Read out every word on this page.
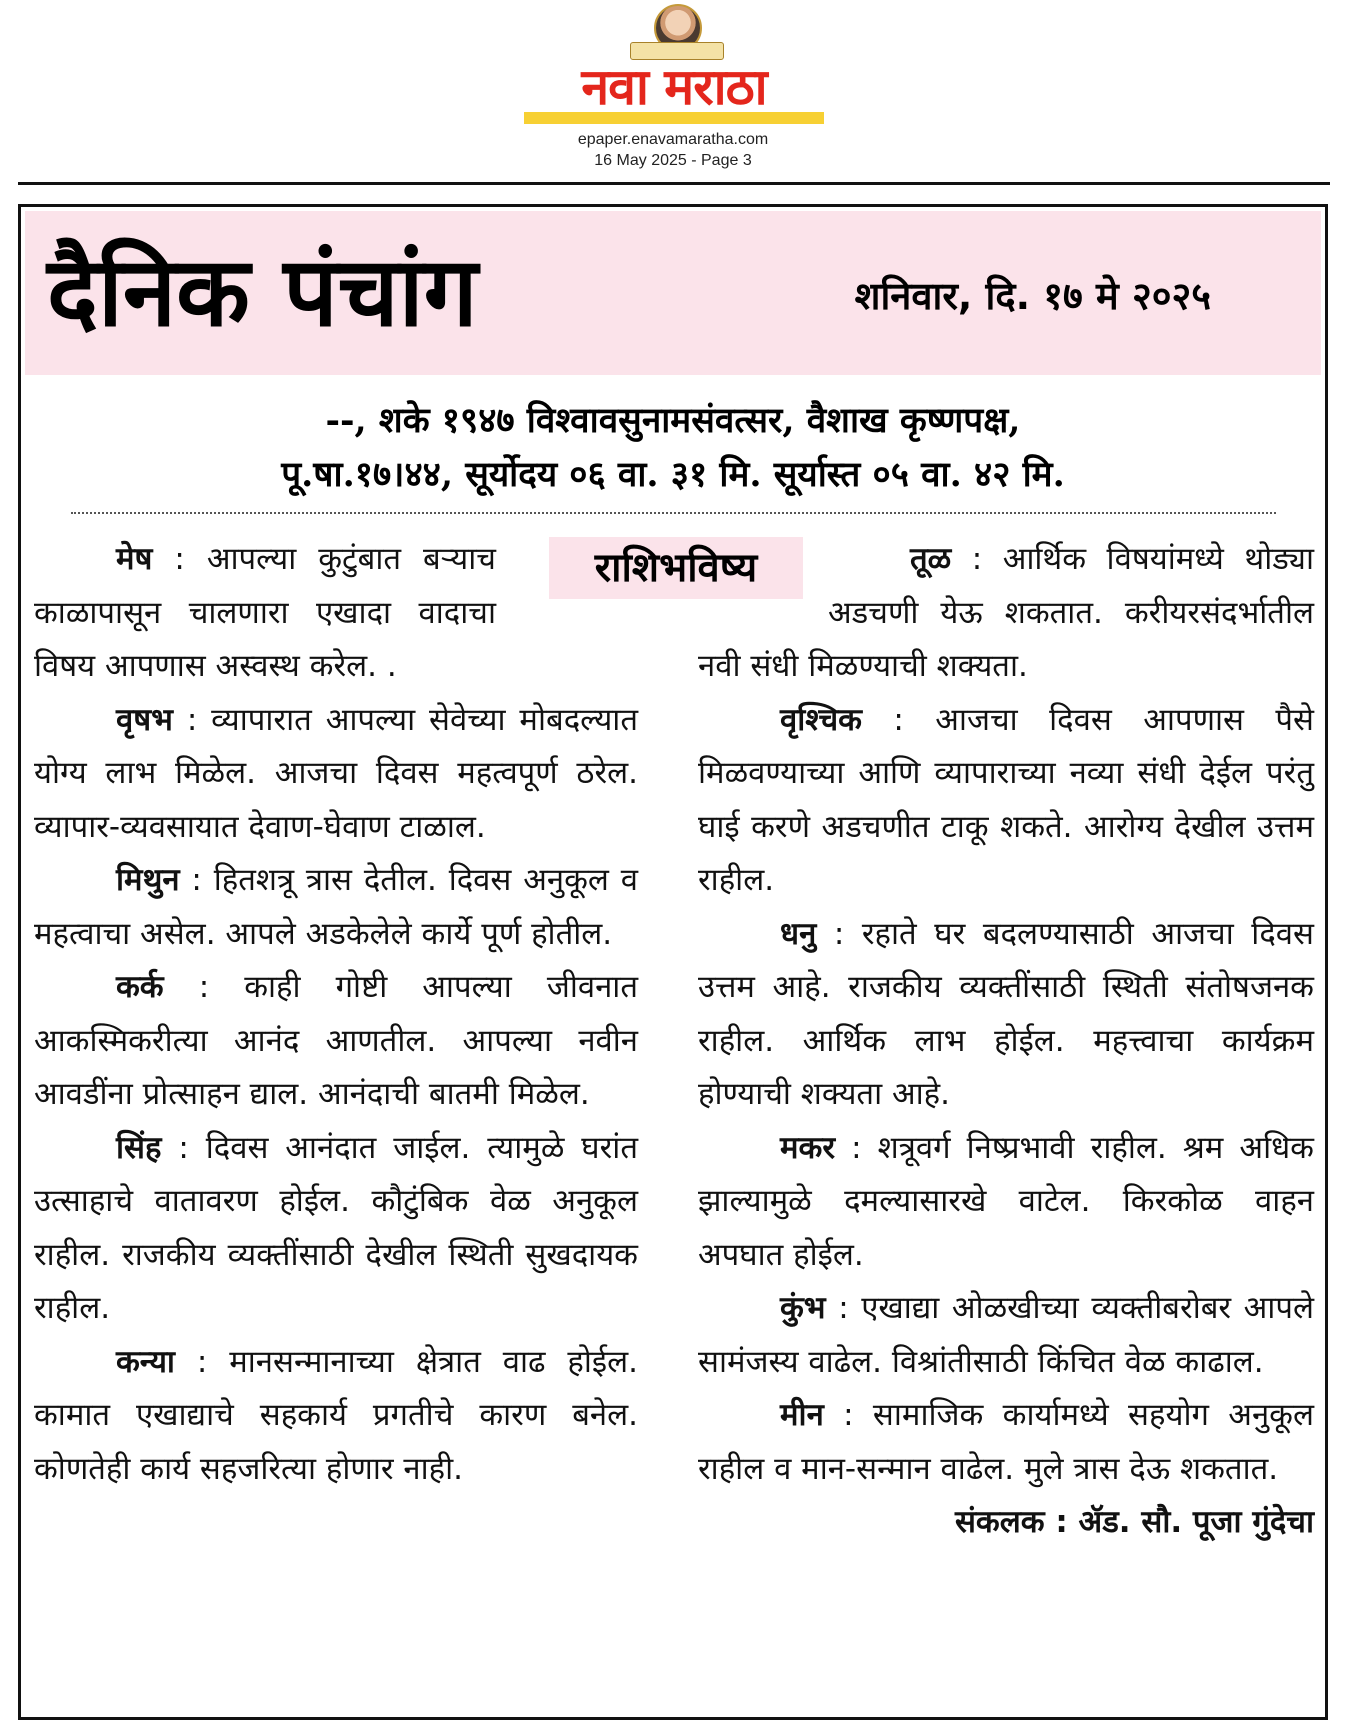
नवा मराठा
epaper.enavamaratha.com
16 May 2025 - Page 3
दैनिक पंचांग	शनिवार, दि. १७ मे २०२५
--, शके १९४७ विश्वावसुनामसंवत्सर, वैशाख कृष्णपक्ष,
पू.षा.१७।४४, सूर्योदय ०६ वा. ३१ मि. सूर्यास्त ०५ वा. ४२ मि.
राशिभविष्य

मेष : आपल्या कुटुंबात बऱ्याच काळापासून चालणारा एखादा वादाचा विषय आपणास अस्वस्थ करेल. .

वृषभ : व्यापारात आपल्या सेवेच्या मोबदल्यात योग्य लाभ मिळेल. आजचा दिवस महत्वपूर्ण ठरेल. व्यापार-व्यवसायात देवाण-घेवाण टाळाल.

मिथुन : हितशत्रू त्रास देतील. दिवस अनुकूल व महत्वाचा असेल. आपले अडकेलेले कार्ये पूर्ण होतील.

कर्क : काही गोष्टी आपल्या जीवनात आकस्मिकरीत्या आनंद आणतील. आपल्या नवीन आवडींना प्रोत्साहन द्याल. आनंदाची बातमी मिळेल.

सिंह : दिवस आनंदात जाईल. त्यामुळे घरांत उत्साहाचे वातावरण होईल. कौटुंबिक वेळ अनुकूल राहील. राजकीय व्यक्तींसाठी देखील स्थिती सुखदायक राहील.

कन्या : मानसन्मानाच्या क्षेत्रात वाढ होईल. कामात एखाद्याचे सहकार्य प्रगतीचे कारण बनेल. कोणतेही कार्य सहजरित्या होणार नाही.

तूळ : आर्थिक विषयांमध्ये थोड्या अडचणी येऊ शकतात. करीयरसंदर्भातील नवी संधी मिळण्याची शक्यता.

वृश्चिक : आजचा दिवस आपणास पैसे मिळवण्याच्या आणि व्यापाराच्या नव्या संधी देईल परंतु घाई करणे अडचणीत टाकू शकते. आरोग्य देखील उत्तम राहील.

धनु : रहाते घर बदलण्यासाठी आजचा दिवस उत्तम आहे. राजकीय व्यक्तींसाठी स्थिती संतोषजनक राहील. आर्थिक लाभ होईल. महत्त्वाचा कार्यक्रम होण्याची शक्यता आहे.

मकर : शत्रूवर्ग निष्प्रभावी राहील. श्रम अधिक झाल्यामुळे दमल्यासारखे वाटेल. किरकोळ वाहन अपघात होईल.

कुंभ : एखाद्या ओळखीच्या व्यक्तीबरोबर आपले सामंजस्य वाढेल. विश्रांतीसाठी किंचित वेळ काढाल.

मीन : सामाजिक कार्यामध्ये सहयोग अनुकूल राहील व मान-सन्मान वाढेल. मुले त्रास देऊ शकतात.

संकलक : ॲड. सौ. पूजा गुंदेचा
